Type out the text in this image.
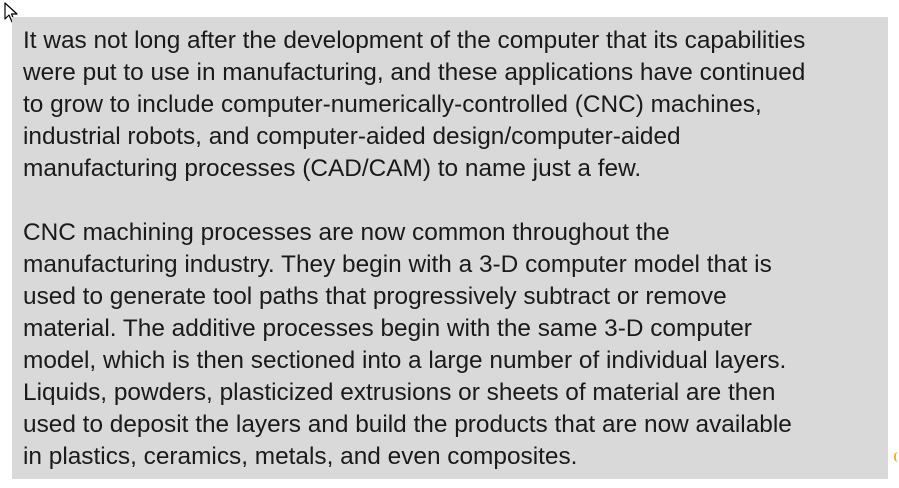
It was not long after the development of the computer that its capabilities
were put to use in manufacturing, and these applications have continued
to grow to include computer-numerically-controlled (CNC) machines,
industrial robots, and computer-aided design/computer-aided
manufacturing processes (CAD/CAM) to name just a few.

CNC machining processes are now common throughout the
manufacturing industry. They begin with a 3-D computer model that is
used to generate tool paths that progressively subtract or remove
material. The additive processes begin with the same 3-D computer
model, which is then sectioned into a large number of individual layers.
Liquids, powders, plasticized extrusions or sheets of material are then
used to deposit the layers and build the products that are now available
in plastics, ceramics, metals, and even composites.
